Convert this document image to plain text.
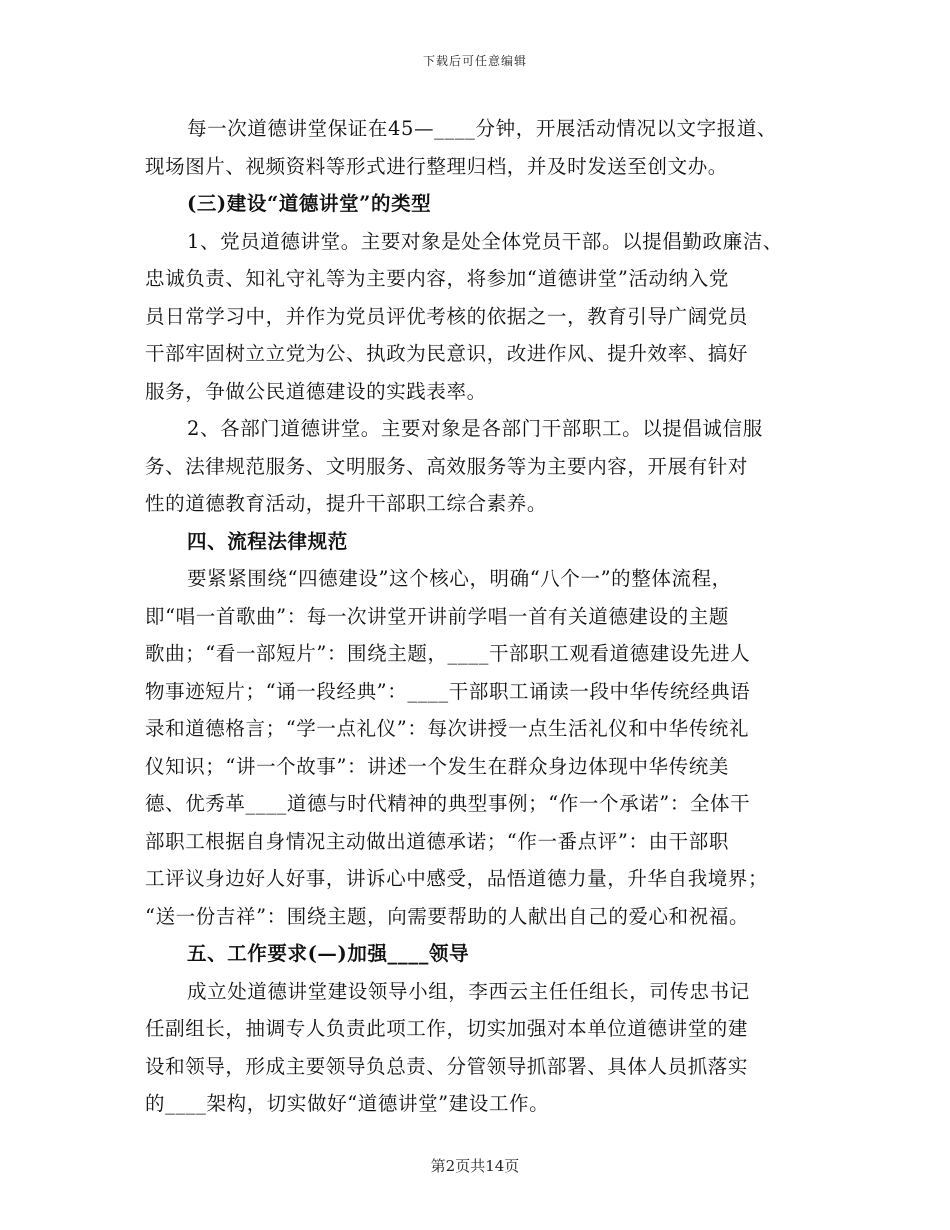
下载后可任意编辑
每一次道德讲堂保证在45—____分钟，开展活动情况以文字报道、
现场图片、视频资料等形式进行整理归档，并及时发送至创文办。
(三)建设“道德讲堂”的类型
1、党员道德讲堂。主要对象是处全体党员干部。以提倡勤政廉洁、
忠诚负责、知礼守礼等为主要内容，将参加“道德讲堂”活动纳入党
员日常学习中，并作为党员评优考核的依据之一，教育引导广阔党员
干部牢固树立立党为公、执政为民意识，改进作风、提升效率、搞好
服务，争做公民道德建设的实践表率。
2、各部门道德讲堂。主要对象是各部门干部职工。以提倡诚信服
务、法律规范服务、文明服务、高效服务等为主要内容，开展有针对
性的道德教育活动，提升干部职工综合素养。
四、流程法律规范
要紧紧围绕“四德建设”这个核心，明确“八个一”的整体流程，
即“唱一首歌曲”：每一次讲堂开讲前学唱一首有关道德建设的主题
歌曲；“看一部短片”：围绕主题，____干部职工观看道德建设先进人
物事迹短片；“诵一段经典”：____干部职工诵读一段中华传统经典语
录和道德格言；“学一点礼仪”：每次讲授一点生活礼仪和中华传统礼
仪知识；“讲一个故事”：讲述一个发生在群众身边体现中华传统美
德、优秀革____道德与时代精神的典型事例；“作一个承诺”：全体干
部职工根据自身情况主动做出道德承诺；“作一番点评”：由干部职
工评议身边好人好事，讲诉心中感受，品悟道德力量，升华自我境界；
“送一份吉祥”：围绕主题，向需要帮助的人献出自己的爱心和祝福。
五、工作要求(—)加强____领导
成立处道德讲堂建设领导小组，李西云主任任组长，司传忠书记
任副组长，抽调专人负责此项工作，切实加强对本单位道德讲堂的建
设和领导，形成主要领导负总责、分管领导抓部署、具体人员抓落实
的____架构，切实做好“道德讲堂”建设工作。
第2页共14页
